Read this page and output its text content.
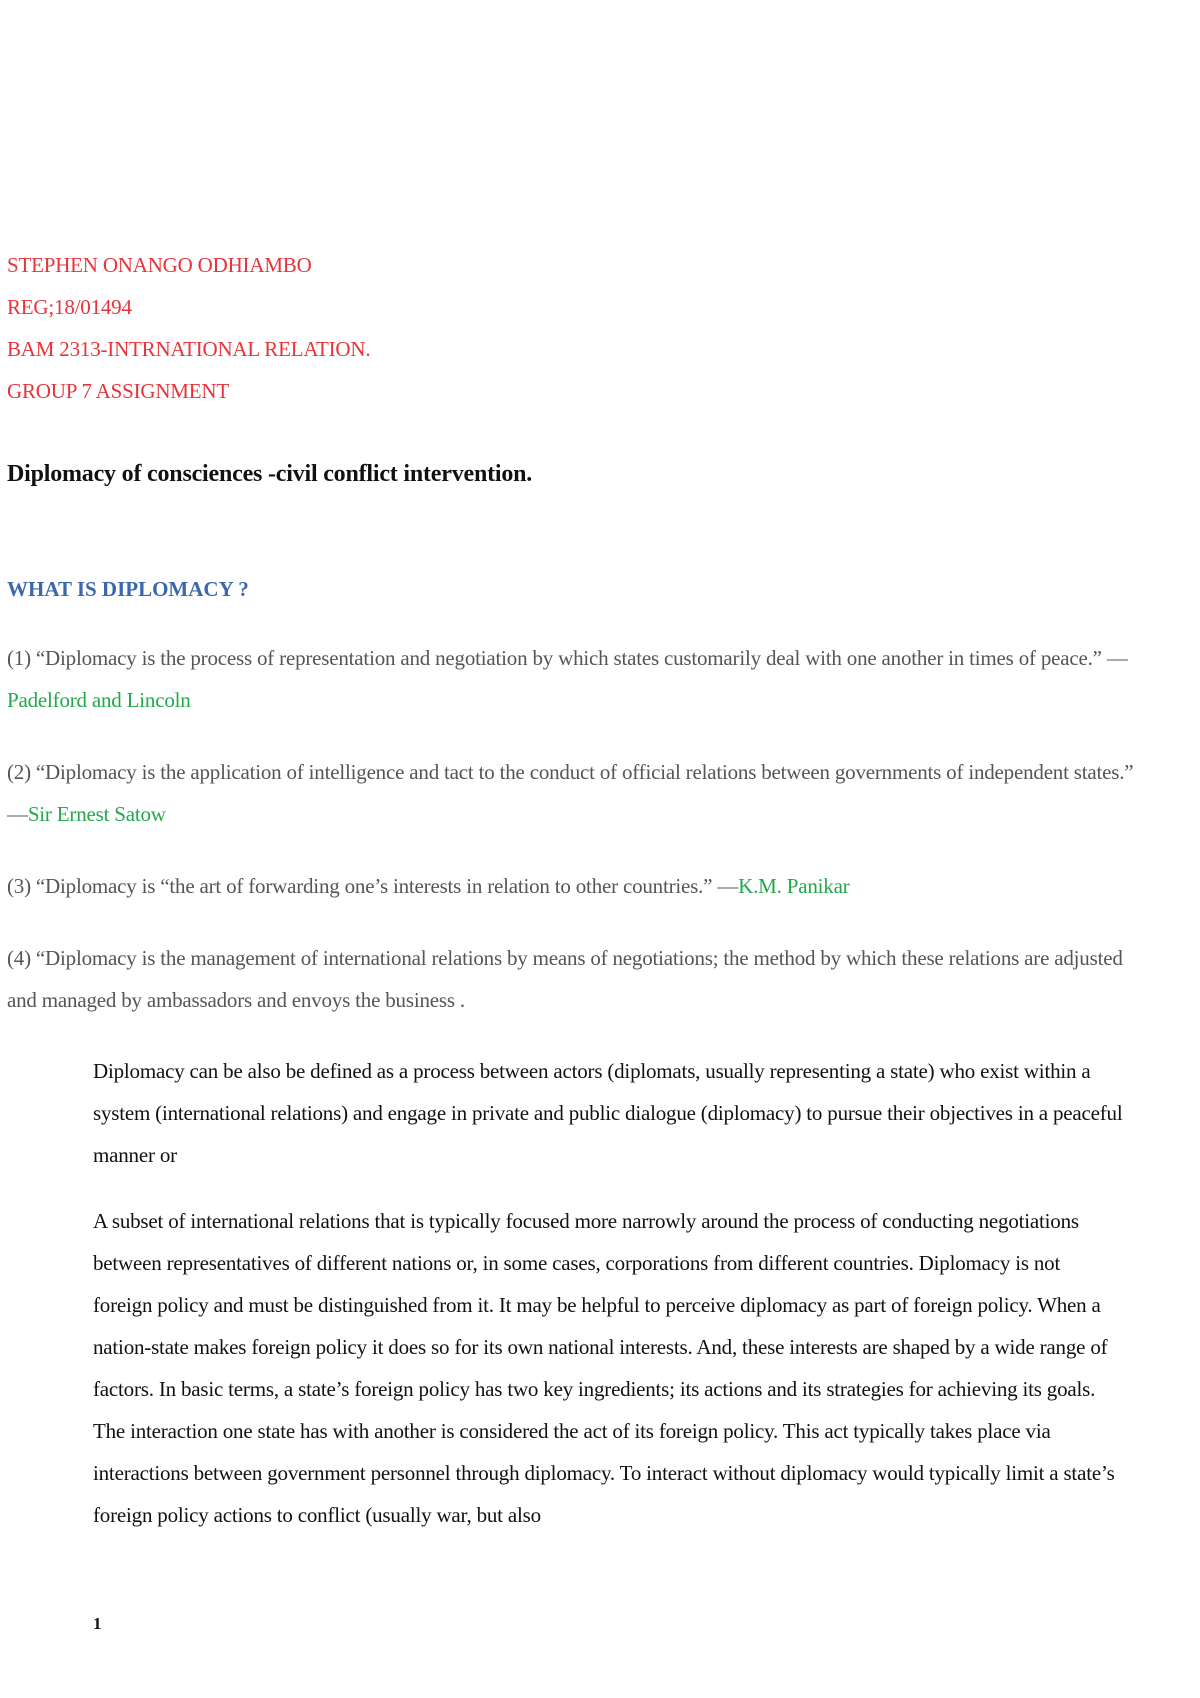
STEPHEN ONANGO ODHIAMBO
REG;18/01494
BAM 2313-INTRNATIONAL RELATION.
GROUP 7 ASSIGNMENT
Diplomacy of consciences -civil conflict intervention.
WHAT IS DIPLOMACY ?
(1) “Diplomacy is the process of representation and negotiation by which states customarily deal with one another in times of peace.” —Padelford and Lincoln
(2) “Diplomacy is the application of intelligence and tact to the conduct of official relations between governments of independent states.” —Sir Ernest Satow
(3) “Diplomacy is “the art of forwarding one’s interests in relation to other countries.” —K.M. Panikar
(4) “Diplomacy is the management of international relations by means of negotiations; the method by which these relations are adjusted and managed by ambassadors and envoys the business .
Diplomacy can be also be defined as a process between actors (diplomats, usually representing a state) who exist within a system (international relations) and engage in private and public dialogue (diplomacy) to pursue their objectives in a peaceful manner or
A subset of international relations that is typically focused more narrowly around the process of conducting negotiations between representatives of different nations or, in some cases, corporations from different countries. Diplomacy is not foreign policy and must be distinguished from it. It may be helpful to perceive diplomacy as part of foreign policy. When a nation-state makes foreign policy it does so for its own national interests. And, these interests are shaped by a wide range of factors. In basic terms, a state’s foreign policy has two key ingredients; its actions and its strategies for achieving its goals. The interaction one state has with another is considered the act of its foreign policy. This act typically takes place via interactions between government personnel through diplomacy. To interact without diplomacy would typically limit a state’s foreign policy actions to conflict (usually war, but also
1
